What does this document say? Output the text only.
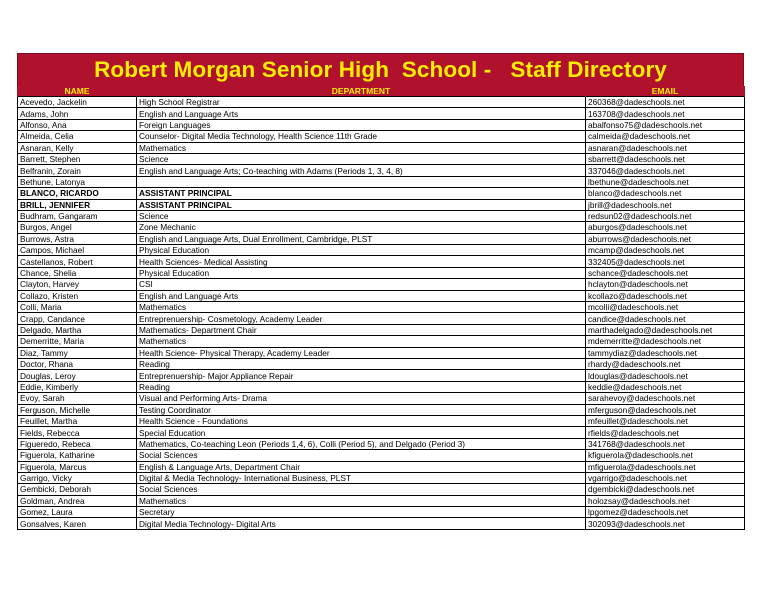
Robert Morgan Senior High  School -   Staff Directory
NAME	DEPARTMENT	EMAIL
Acevedo, Jackelin	High School Registrar	260368@dadeschools.net
Adams, John	English and Language Arts	163708@dadeschools.net
Alfonso, Ana	Foreign Languages	abalfonso75@dadeschools.net
Almeida, Celia	Counselor- Digital Media Technology, Health Science 11th Grade	calmeida@dadeschools.net
Asnaran, Kelly	Mathematics	asnaran@dadeschools.net
Barrett, Stephen	Science	sbarrett@dadeschools.net
Belfranin, Zorain	English and Language Arts; Co-teaching with Adams (Periods 1, 3, 4, 8)	337046@dadeschools.net
Bethune, Latonya		lbethune@dadeschools.net
BLANCO, RICARDO	ASSISTANT PRINCIPAL	blanco@dadeschools.net
BRILL, JENNIFER	ASSISTANT PRINCIPAL	jbrill@dadeschools.net
Budhram, Gangaram	Science	redsun02@dadeschools.net
Burgos, Angel	Zone Mechanic	aburgos@dadeschools.net
Burrows, Astra	English and Language Arts, Dual Enrollment, Cambridge, PLST	aburrows@dadeschools.net
Campos, Michael	Physical Education	mcamp@dadeschools.net
Castellanos, Robert	Health Sciences- Medical Assisting	332405@dadeschools.net
Chance, Shelia	Physical Education	schance@dadeschools.net
Clayton, Harvey	CSI	hclayton@dadeschools.net
Collazo, Kristen	English and Language Arts	kcollazo@dadeschools.net
Colli, Maria	Mathematics	mcolli@dadeschools.net
Crapp, Candance	Entreprenuership- Cosmetology, Academy Leader	candice@dadeschools.net
Delgado, Martha	Mathematics- Department Chair	marthadelgado@dadeschools.net
Demerritte, Maria	Mathematics	mdemerritte@dadeschools.net
Diaz, Tammy	Health Science- Physical Therapy, Academy Leader	tammydiaz@dadeschools.net
Doctor, Rhana	Reading	rhardy@dadeschools.net
Douglas, Leroy	Entreprenuership- Major Appliance Repair	ldouglas@dadeschools.net
Eddie, Kimberly	Reading	keddie@dadeschools.net
Evoy, Sarah	Visual and Performing Arts- Drama	sarahevoy@dadeschools.net
Ferguson, Michelle	Testing Coordinator	mferguson@dadeschools.net
Feuillet, Martha	Health Science - Foundations	mfeuillet@dadeschools.net
Fields, Rebecca	Special Education	rfields@dadeschools.net
Figueredo, Rebeca	Mathematics, Co-teaching Leon (Periods 1,4, 6), Colli (Period 5), and Delgado (Period 3)	341768@dadeschools.net
Figuerola, Katharine	Social Sciences	kfiguerola@dadeschools.net
Figuerola, Marcus	English & Language Arts, Department Chair	mfiguerola@dadeschools.net
Garrigo, Vicky	Digital & Media Technology- International Business, PLST	vgarrigo@dadeschools.net
Gembicki, Deborah	Social Sciences	dgembicki@dadeschools.net
Goldman, Andrea	Mathematics	holozsay@dadeschools.net
Gomez, Laura	Secretary	lpgomez@dadeschools.net
Gonsalves, Karen	Digital Media Technology- Digital Arts	302093@dadeschools.net
